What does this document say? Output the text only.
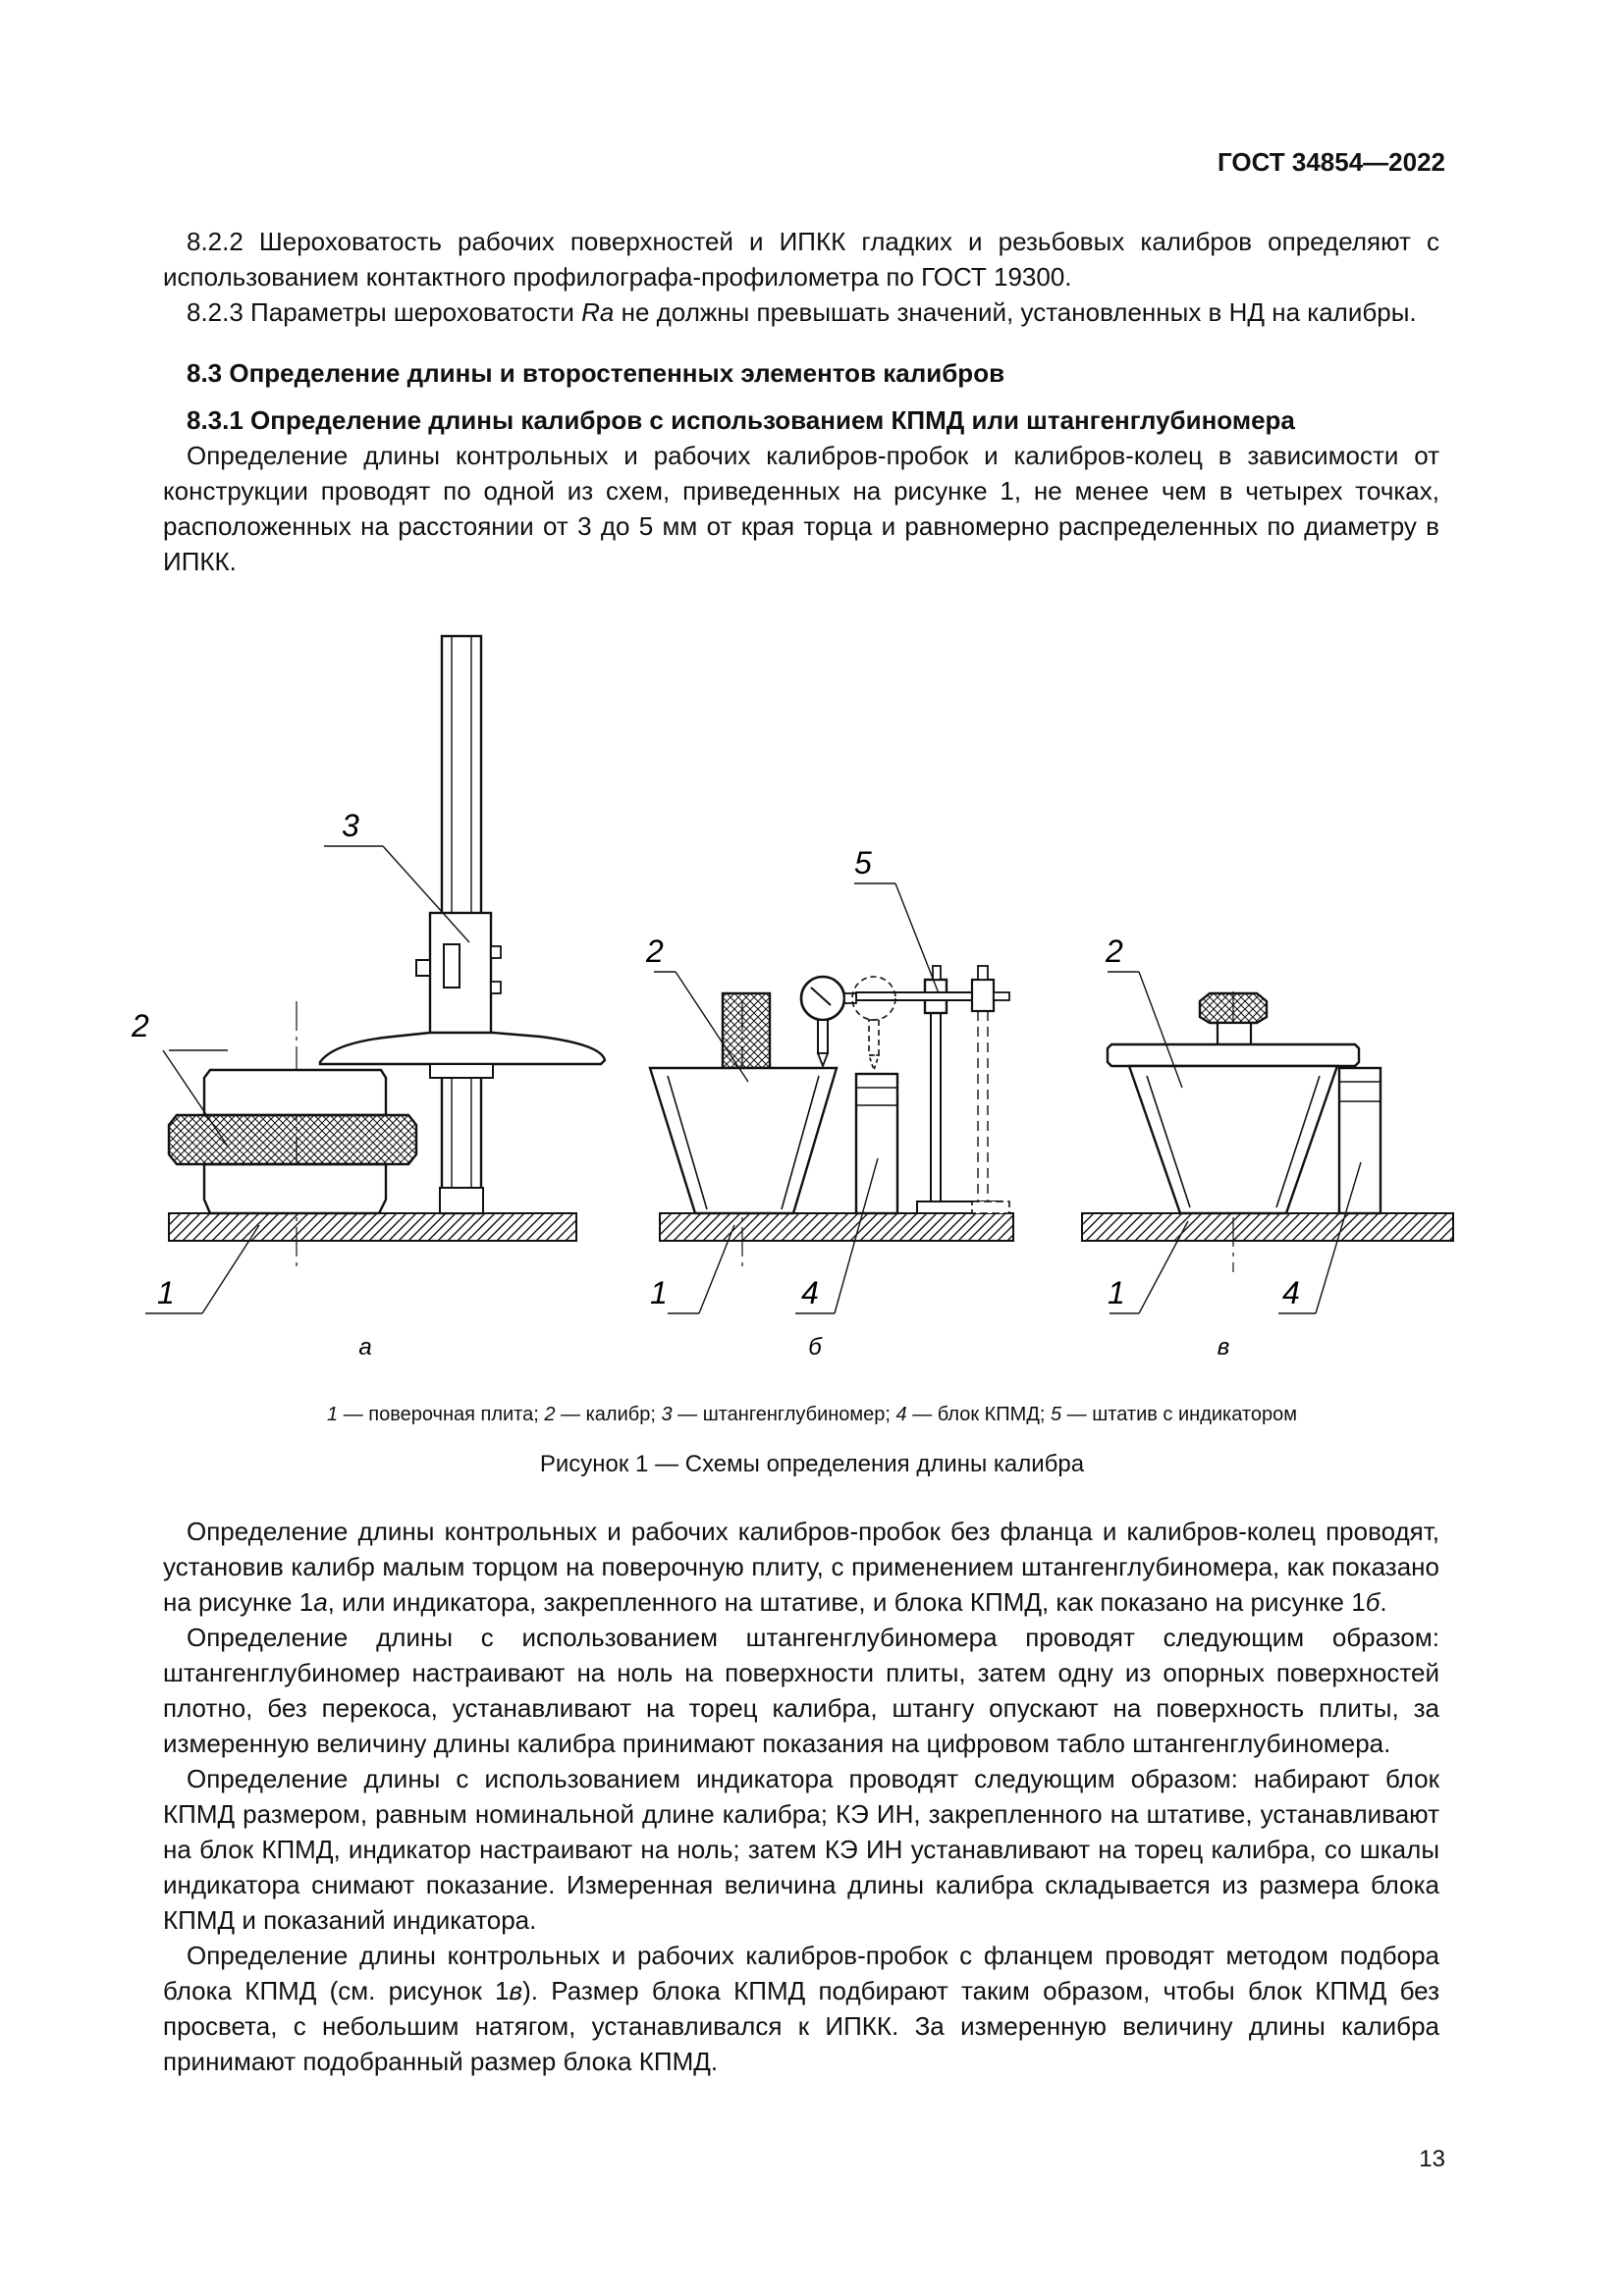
ГОСТ 34854—2022

8.2.2 Шероховатость рабочих поверхностей и ИПКК гладких и резьбовых калибров определяют с использованием контактного профилографа-профилометра по ГОСТ 19300.

8.2.3 Параметры шероховатости Ra не должны превышать значений, установленных в НД на калибры.

8.3 Определение длины и второстепенных элементов калибров

8.3.1 Определение длины калибров с использованием КПМД или штангенглубиномера

Определение длины контрольных и рабочих калибров-пробок и калибров-колец в зависимости от конструкции проводят по одной из схем, приведенных на рисунке 1, не менее чем в четырех точках, расположенных на расстоянии от 3 до 5 мм от края торца и равномерно распределенных по диаметру в ИПКК.

2
3
1
а
2
5
1	4
б
2
1	4
в
1 — поверочная плита; 2 — калибр; 3 — штангенглубиномер; 4 — блок КПМД; 5 — штатив с индикатором
Рисунок 1 — Схемы определения длины калибра

Определение длины контрольных и рабочих калибров-пробок без фланца и калибров-колец проводят, установив калибр малым торцом на поверочную плиту, с применением штангенглубиномера, как показано на рисунке 1а, или индикатора, закрепленного на штативе, и блока КПМД, как показано на рисунке 1б.

Определение длины с использованием штангенглубиномера проводят следующим образом: штангенглубиномер настраивают на ноль на поверхности плиты, затем одну из опорных поверхностей плотно, без перекоса, устанавливают на торец калибра, штангу опускают на поверхность плиты, за измеренную величину длины калибра принимают показания на цифровом табло штангенглубиномера.

Определение длины с использованием индикатора проводят следующим образом: набирают блок КПМД размером, равным номинальной длине калибра; КЭ ИН, закрепленного на штативе, устанавливают на блок КПМД, индикатор настраивают на ноль; затем КЭ ИН устанавливают на торец калибра, со шкалы индикатора снимают показание. Измеренная величина длины калибра складывается из размера блока КПМД и показаний индикатора.

Определение длины контрольных и рабочих калибров-пробок с фланцем проводят методом подбора блока КПМД (см. рисунок 1в). Размер блока КПМД подбирают таким образом, чтобы блок КПМД без просвета, с небольшим натягом, устанавливался к ИПКК. За измеренную величину длины калибра принимают подобранный размер блока КПМД.

13
